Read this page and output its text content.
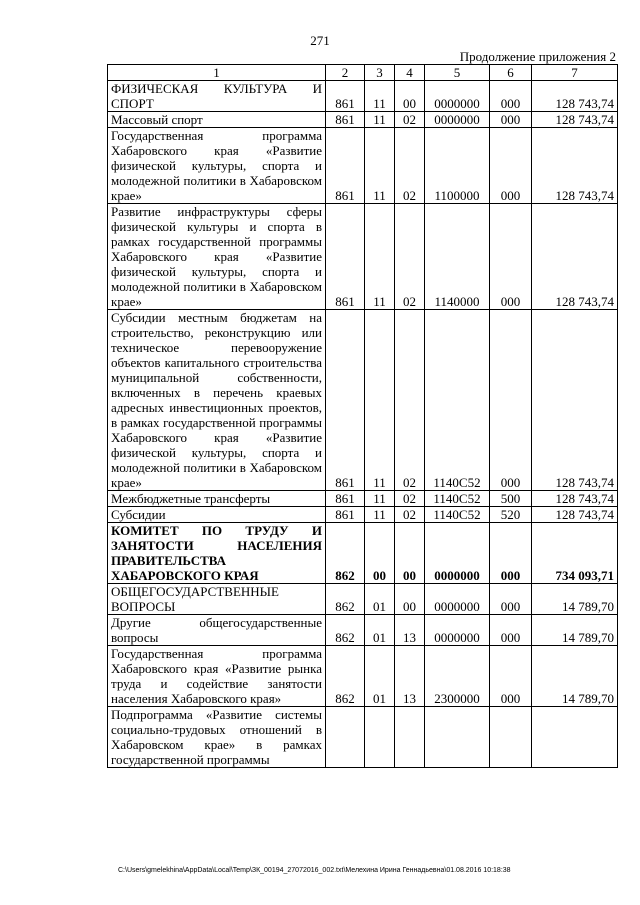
271
Продолжение приложения 2
1	2	3	4	5	6	7
ФИЗИЧЕСКАЯ КУЛЬТУРА И СПОРТ	861	11	00	0000000	000	128 743,74
Массовый спорт	861	11	02	0000000	000	128 743,74
Государственная программа Хабаровского края «Развитие физической культуры, спорта и молодежной политики в Хабаровском крае»	861	11	02	1100000	000	128 743,74
Развитие инфраструктуры сферы физической культуры и спорта в рамках государственной программы Хабаровского края «Развитие физической культуры, спорта и молодежной политики в Хабаровском крае»	861	11	02	1140000	000	128 743,74
Субсидии местным бюджетам на строительство, реконструкцию или техническое перевооружение объектов капитального строительства муниципальной собственности, включенных в перечень краевых адресных инвестиционных проектов, в рамках государственной программы Хабаровского края «Развитие физической культуры, спорта и молодежной политики в Хабаровском крае»	861	11	02	1140С52	000	128 743,74
Межбюджетные трансферты	861	11	02	1140С52	500	128 743,74
Субсидии	861	11	02	1140С52	520	128 743,74
КОМИТЕТ ПО ТРУДУ И ЗАНЯТОСТИ НАСЕЛЕНИЯ ПРАВИТЕЛЬСТВА ХАБАРОВСКОГО КРАЯ	862	00	00	0000000	000	734 093,71
ОБЩЕГОСУДАРСТВЕННЫЕ ВОПРОСЫ	862	01	00	0000000	000	14 789,70
Другие общегосударственные вопросы	862	01	13	0000000	000	14 789,70
Государственная программа Хабаровского края «Развитие рынка труда и содействие занятости населения Хабаровского края»	862	01	13	2300000	000	14 789,70
Подпрограмма «Развитие системы социально-трудовых отношений в Хабаровском крае» в рамках государственной программы						
C:\Users\gmelekhina\AppData\Local\Temp\ЗК_00194_27072016_002.txt\Мелехина Ирина Геннадьевна\01.08.2016 10:18:38
